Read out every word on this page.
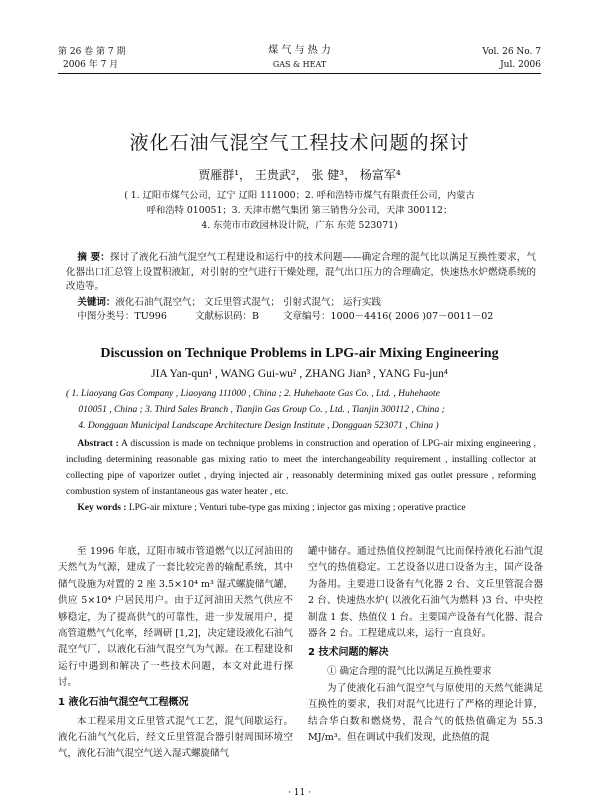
第 26 卷 第 7 期
2006 年 7 月
煤 气 与 热 力
GAS & HEAT
Vol. 26 No. 7
Jul. 2006
液化石油气混空气工程技术问题的探讨
贾雁群¹， 王贵武²， 张 健³， 杨富军⁴
( 1. 辽阳市煤气公司，辽宁 辽阳 111000；2. 呼和浩特市煤气有限责任公司，内蒙古
呼和浩特 010051；3. 天津市燃气集团 第三销售分公司，天津 300112；
4. 东莞市市政园林设计院，广东 东莞 523071)
摘 要：探讨了液化石油气混空气工程建设和运行中的技术问题——确定合理的混气比以满足互换性要求，气化器出口汇总管上设置积液缸，对引射的空气进行干燥处理，混气出口压力的合理确定，快速热水炉燃烧系统的改造等。
关键词：液化石油气混空气； 文丘里管式混气； 引射式混气； 运行实践
中图分类号：TU996	文献标识码：B	文章编号：1000－4416( 2006 )07－0011－02
Discussion on Technique Problems in LPG-air Mixing Engineering
JIA Yan-qun¹ , WANG Gui-wu² , ZHANG Jian³ , YANG Fu-jun⁴
( 1. Liaoyang Gas Company , Liaoyang 111000 , China ; 2. Huhehaote Gas Co. , Ltd. , Huhehaote
010051 , China ; 3. Third Sales Branch , Tianjin Gas Group Co. , Ltd. , Tianjin 300112 , China ;
4. Dongguan Municipal Landscape Architecture Design Institute , Dongguan 523071 , China )
Abstract : A discussion is made on technique problems in construction and operation of LPG-air mixing engineering , including determining reasonable gas mixing ratio to meet the interchangeability requirement , installing collector at collecting pipe of vaporizer outlet , drying injected air , reasonably determining mixed gas outlet pressure , reforming combustion system of instantaneous gas water heater , etc.
Key words : LPG-air mixture ; Venturi tube-type gas mixing ; injector gas mixing ; operative practice

至 1996 年底，辽阳市城市管道燃气以辽河油田的天然气为气源，建成了一套比较完善的输配系统，其中储气设施为对置的 2 座 3.5×10⁴ m³ 湿式螺旋储气罐，供应 5×10⁴ 户居民用户。由于辽河油田天然气供应不够稳定，为了提高供气的可靠性，进一步发展用户，提高管道燃气气化率，经调研 [1,2]，决定建设液化石油气混空气厂，以液化石油气混空气为气源。在工程建设和运行中遇到和解决了一些技术问题，本文对此进行探讨。

1 液化石油气混空气工程概况

本工程采用文丘里管式混气工艺，混气间歇运行。液化石油气气化后，经文丘里管混合器引射周围环境空气，液化石油气混空气送入湿式螺旋储气

罐中储存。通过热值仪控制混气比而保持液化石油气混空气的热值稳定。工艺设备以进口设备为主，国产设备为备用。主要进口设备有气化器 2 台、文丘里管混合器 2 台、快速热水炉( 以液化石油气为燃料 )3 台、中央控制盘 1 套、热值仪 1 台。主要国产设备有气化器、混合器各 2 台。工程建成以来，运行一直良好。

2 技术问题的解决

① 确定合理的混气比以满足互换性要求

为了使液化石油气混空气与原使用的天然气能满足互换性的要求，我们对混气比进行了严格的理论计算，结合华白数和燃烧势，混合气的低热值确定为 55.3 MJ/m³。但在调试中我们发现，此热值的混

· 11 ·
